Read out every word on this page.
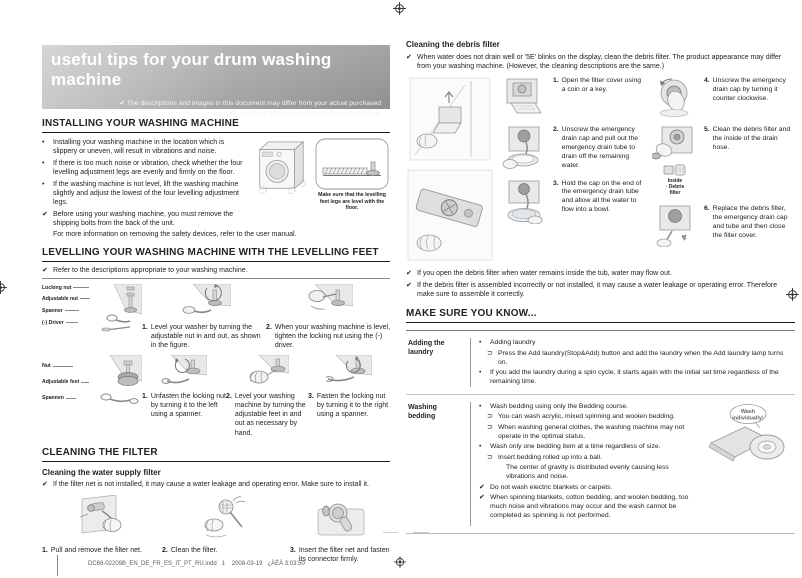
useful tips for your drum washing machine
✔ The descriptions and images in this document may differ from your actual purchased product. For more information, refer to the user manual.
INSTALLING YOUR WASHING MACHINE
•	Installing your washing machine in the location which is slippery or uneven, will result in vibrations and noise.
•	If there is too much noise or vibration, check whether the four levelling adjustment legs are evenly and firmly on the floor.
•	If the washing machine is not level, lift the washing machine slightly and adjust the lowest of the four levelling adjustment legs.
✔ Before using your washing machine, you must remove the shipping bolts from the back of the unit.
Make sure that the levelling feet legs are level with the floor.
For more information on removing the safety devices, refer to the user manual.
LEVELLING YOUR WASHING MACHINE WITH THE LEVELLING FEET
✔ Refer to the descriptions appropriate to your washing machine.
Locking nut
Adjustable nut
Spanner
(-) Driver
1. Level your washer by turning the adjustable nut in and out, as shown in the figure.
2. When your washing machine is level, tighten the locking nut using the (-) driver.
Nut
Adjustable feet
Spannen	1. Unfasten the locking nut by turning it to the left using a spanner.
2. Level your washing machine by turning the adjustable feet in and out as necessary by hand.
3. Fasten the locking nut by turning it to the right using a spanner.
CLEANING THE FILTER
Cleaning the water supply filter
✔ If the filter net is not installed, it may cause a water leakage and operating error. Make sure to install it.
1. Pull and remove the filter net.	2. Clean the filter.	3. Insert the filter net and fasten its connector firmly.
Cleaning the debris filter
✔ When water does not drain well or '5E' blinks on the display, clean the debris filter. The product appearance may differ from your washing machine. (However, the cleaning descriptions are the same.)
1. Open the filter cover using a coin or a key.
2. Unscrew the emergency drain cap and pull out the emergency drain tube to drain off the remaining water.
3. Hold the cap on the end of the emergency drain tube and allow all the water to flow into a bowl.
4. Unscrew the emergency drain cap by turning it counter clockwise.
Inside
· Debris
filter
5. Clean the debris filter and the inside of the drain hose.
6. Replace the debris filter, the emergency drain cap and tube and then close the filter cover.
✔ If you open the debris filter when water remains inside the tub, water may flow out.
✔ If the debris filter is assembled incorrectly or not installed, it may cause a water leakage or operating error. Therefore make sure to assemble it correctly.
MAKE SURE YOU KNOW...
Adding the laundry
•	Adding laundry
⊃ Press the Add laundry(Stop&Add) button and add the laundry when the Add laundry lamp turns on.
•	If you add the laundry during a spin cycle, it starts again with the initial set time regardless of the remaining time.
Washing bedding
•	Wash bedding using only the Bedding course.
⊃ You can wash acrylic, mixed spinning and woolen bedding.
⊃ When washing general clothes, the washing machine may not operate in the optimal status.
•	Wash only one bedding item at a time regardless of size.
⊃ Insert bedding rolled up into a ball.
The center of gravity is distributed evenly causing less vibrations and noise.
✔ Do not wash electric blankets or carpets.
✔ When spinning blankets, cotton bedding, and woolen bedding, too much noise and vibrations may occur and the wash cannot be completed as spinning is not performed.
Wash
individually!
DC68-02209B_EN_DE_FR_ES_IT_PT_RU.indd   1 2008-03-19   ¿ÀÈÄ 3:03:50
